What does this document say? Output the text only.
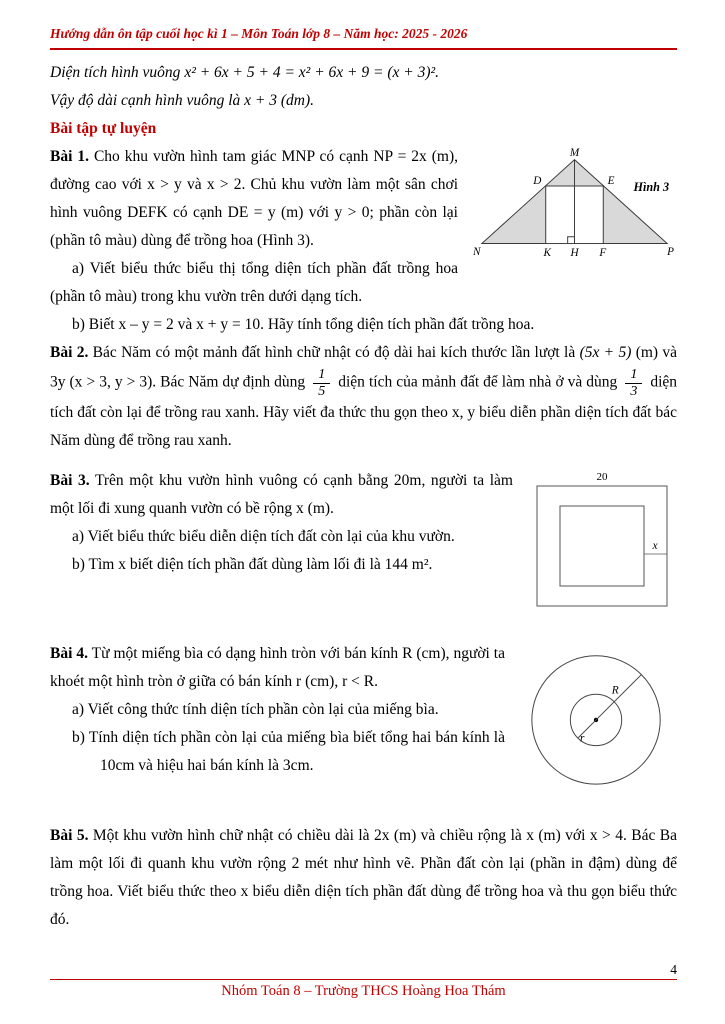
Hướng dẫn ôn tập cuối học kì 1 – Môn Toán lớp 8 – Năm học: 2025 - 2026

Diện tích hình vuông x² + 6x + 5 + 4 = x² + 6x + 9 = (x + 3)².

Vậy độ dài cạnh hình vuông là x + 3 (dm).

Bài tập tự luyện

M
D	E
N	K H F	P
Hình 3

Bài 1. Cho khu vườn hình tam giác MNP có cạnh NP = 2x (m), đường cao với x > y và x > 2. Chủ khu vườn làm một sân chơi hình vuông DEFK có cạnh DE = y (m) với y > 0; phần còn lại (phần tô màu) dùng để trồng hoa (Hình 3).

a) Viết biểu thức biểu thị tổng diện tích phần đất trồng hoa (phần tô màu) trong khu vườn trên dưới dạng tích.

b) Biết x – y = 2 và x + y = 10. Hãy tính tổng diện tích phần đất trồng hoa.

Bài 2. Bác Năm có một mảnh đất hình chữ nhật có độ dài hai kích thước lần lượt là (5x + 5) (m) và 3y (x > 3, y > 3). Bác Năm dự định dùng $\frac{1}{5}$ diện tích của mảnh đất để làm nhà ở và dùng $\frac{1}{3}$ diện tích đất còn lại để trồng rau xanh. Hãy viết đa thức thu gọn theo x, y biểu diễn phần diện tích đất bác Năm dùng để trồng rau xanh.

20
x

Bài 3. Trên một khu vườn hình vuông có cạnh bằng 20m, người ta làm một lối đi xung quanh vườn có bề rộng x (m).

a) Viết biểu thức biểu diễn diện tích đất còn lại của khu vườn.

b) Tìm x biết diện tích phần đất dùng làm lối đi là 144 m².

R
r

Bài 4. Từ một miếng bìa có dạng hình tròn với bán kính R (cm), người ta khoét một hình tròn ở giữa có bán kính r (cm), r < R.

a) Viết công thức tính diện tích phần còn lại của miếng bìa.

b) Tính diện tích phần còn lại của miếng bìa biết tổng hai bán kính là 10cm và hiệu hai bán kính là 3cm.

Bài 5. Một khu vườn hình chữ nhật có chiều dài là 2x (m) và chiều rộng là x (m) với x > 4. Bác Ba làm một lối đi quanh khu vườn rộng 2 mét như hình vẽ. Phần đất còn lại (phần in đậm) dùng để trồng hoa. Viết biểu thức theo x biểu diễn diện tích phần đất dùng để trồng hoa và thu gọn biểu thức đó.

4
Nhóm Toán 8 – Trường THCS Hoàng Hoa Thám
